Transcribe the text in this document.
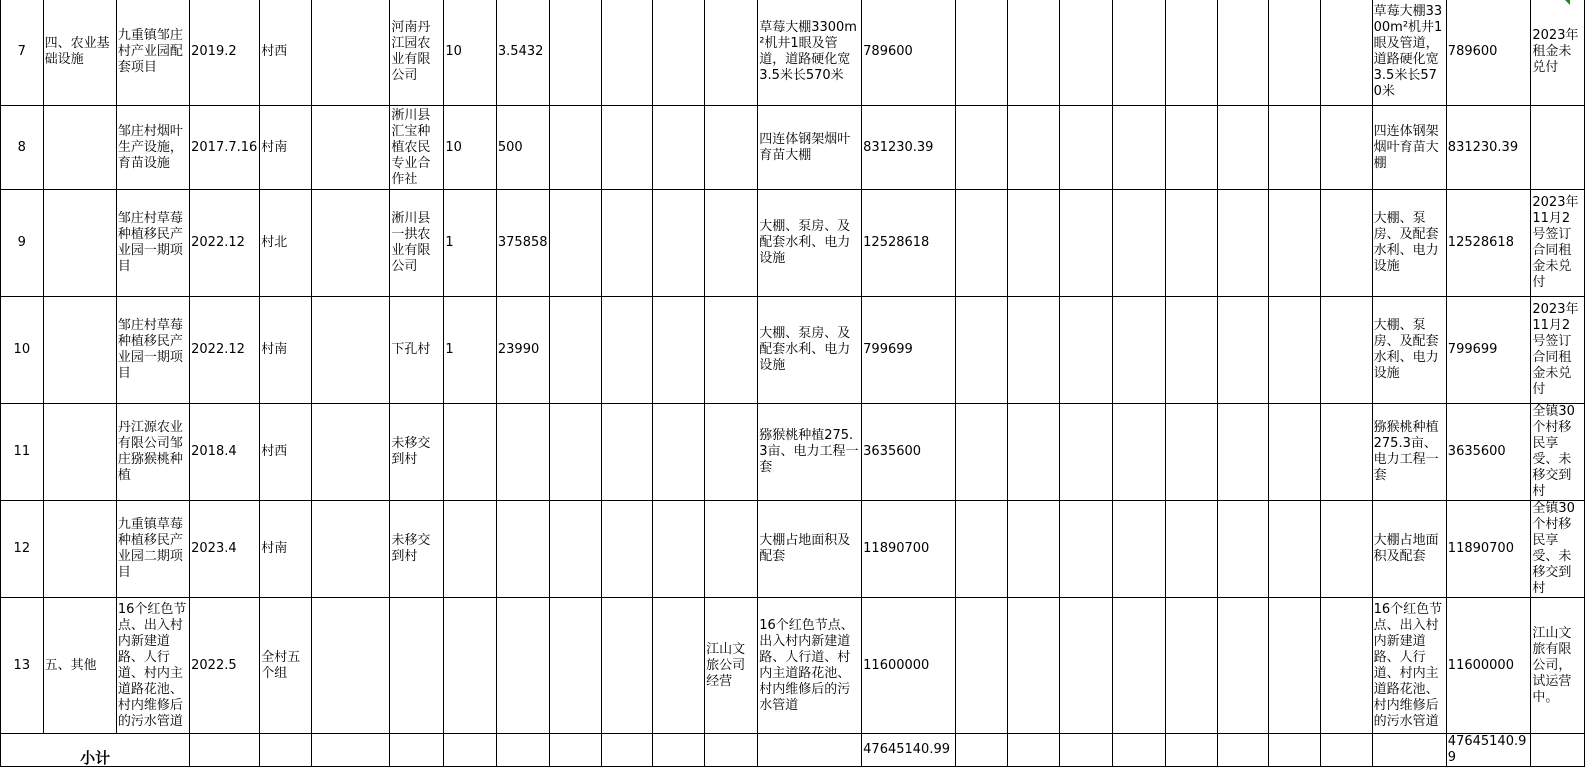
7	四、农业基础设施	九重镇邹庄村产业园配套项目	2019.2	村西		河南丹江园农业有限公司	10	3.5432					草莓大棚3300m²机井1眼及管道，道路硬化宽3.5米长570米	789600									草莓大棚3300m²机井1眼及管道，道路硬化宽3.5米长570米	789600	2023年租金未兑付
8		邹庄村烟叶生产设施，育苗设施	2017.7.16	村南		淅川县汇宝种植农民专业合作社	10	500					四连体钢架烟叶育苗大棚	831230.39									四连体钢架烟叶育苗大棚	831230.39	
9		邹庄村草莓种植移民产业园一期项目	2022.12	村北		淅川县一拱农业有限公司	1	375858					大棚、泵房、及配套水利、电力设施	12528618									大棚、泵房、及配套水利、电力设施	12528618	2023年11月2号签订合同租金未兑付
10		邹庄村草莓种植移民产业园一期项目	2022.12	村南		下孔村	1	23990					大棚、泵房、及配套水利、电力设施	799699									大棚、泵房、及配套水利、电力设施	799699	2023年11月2号签订合同租金未兑付
11		丹江源农业有限公司邹庄猕猴桃种植	2018.4	村西		未移交到村							猕猴桃种植275.3亩、电力工程一套	3635600									猕猴桃种植275.3亩、电力工程一套	3635600	全镇30个村移民享受、未移交到村
12		九重镇草莓种植移民产业园二期项目	2023.4	村南		未移交到村							大棚占地面积及配套	11890700									大棚占地面积及配套	11890700	全镇30个村移民享受、未移交到村
13	五、其他	16个红色节点、出入村内新建道路、人行道、村内主道路花池、村内维修后的污水管道	2022.5	全村五个组								江山文旅公司经营	16个红色节点、出入村内新建道路、人行道、村内主道路花池、村内维修后的污水管道	11600000									16个红色节点、出入村内新建道路、人行道、村内主道路花池、村内维修后的污水管道	11600000	江山文旅有限公司，试运营中。
小计														47645140.99										47645140.99	
